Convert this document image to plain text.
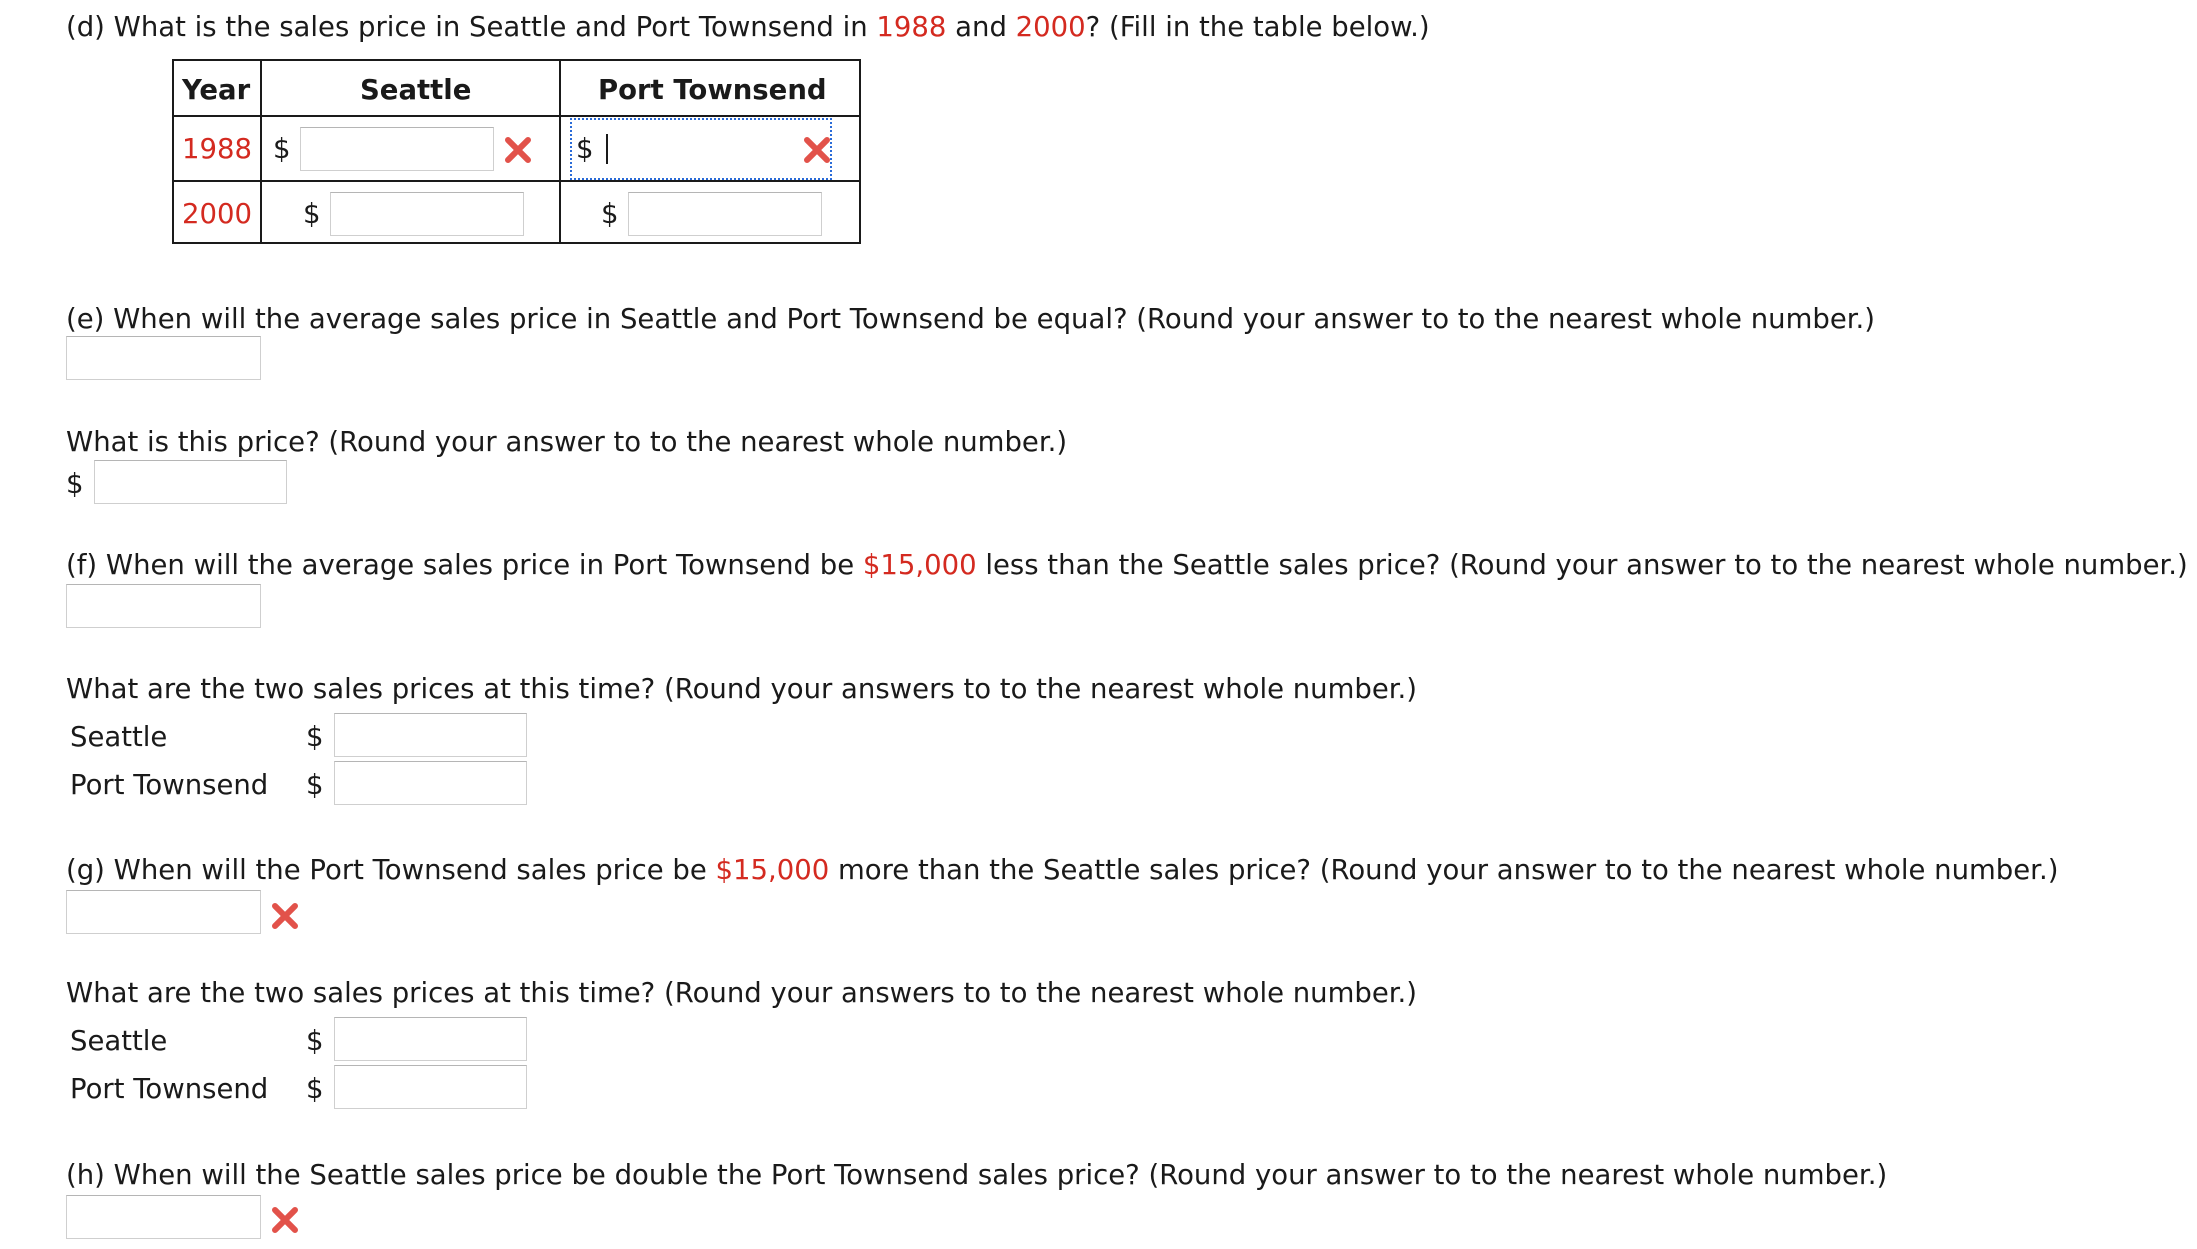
(d) What is the sales price in Seattle and Port Townsend in 1988 and 2000? (Fill in the table below.)
Year	Seattle	Port Townsend
1988 $	$
2000 $	$
(e) When will the average sales price in Seattle and Port Townsend be equal? (Round your answer to to the nearest whole number.)
What is this price? (Round your answer to to the nearest whole number.)
$
(f) When will the average sales price in Port Townsend be $15,000 less than the Seattle sales price? (Round your answer to to the nearest whole number.)
What are the two sales prices at this time? (Round your answers to to the nearest whole number.)
Seattle	$
Port Townsend $
(g) When will the Port Townsend sales price be $15,000 more than the Seattle sales price? (Round your answer to to the nearest whole number.)
What are the two sales prices at this time? (Round your answers to to the nearest whole number.)
Seattle	$
Port Townsend $
(h) When will the Seattle sales price be double the Port Townsend sales price? (Round your answer to to the nearest whole number.)
